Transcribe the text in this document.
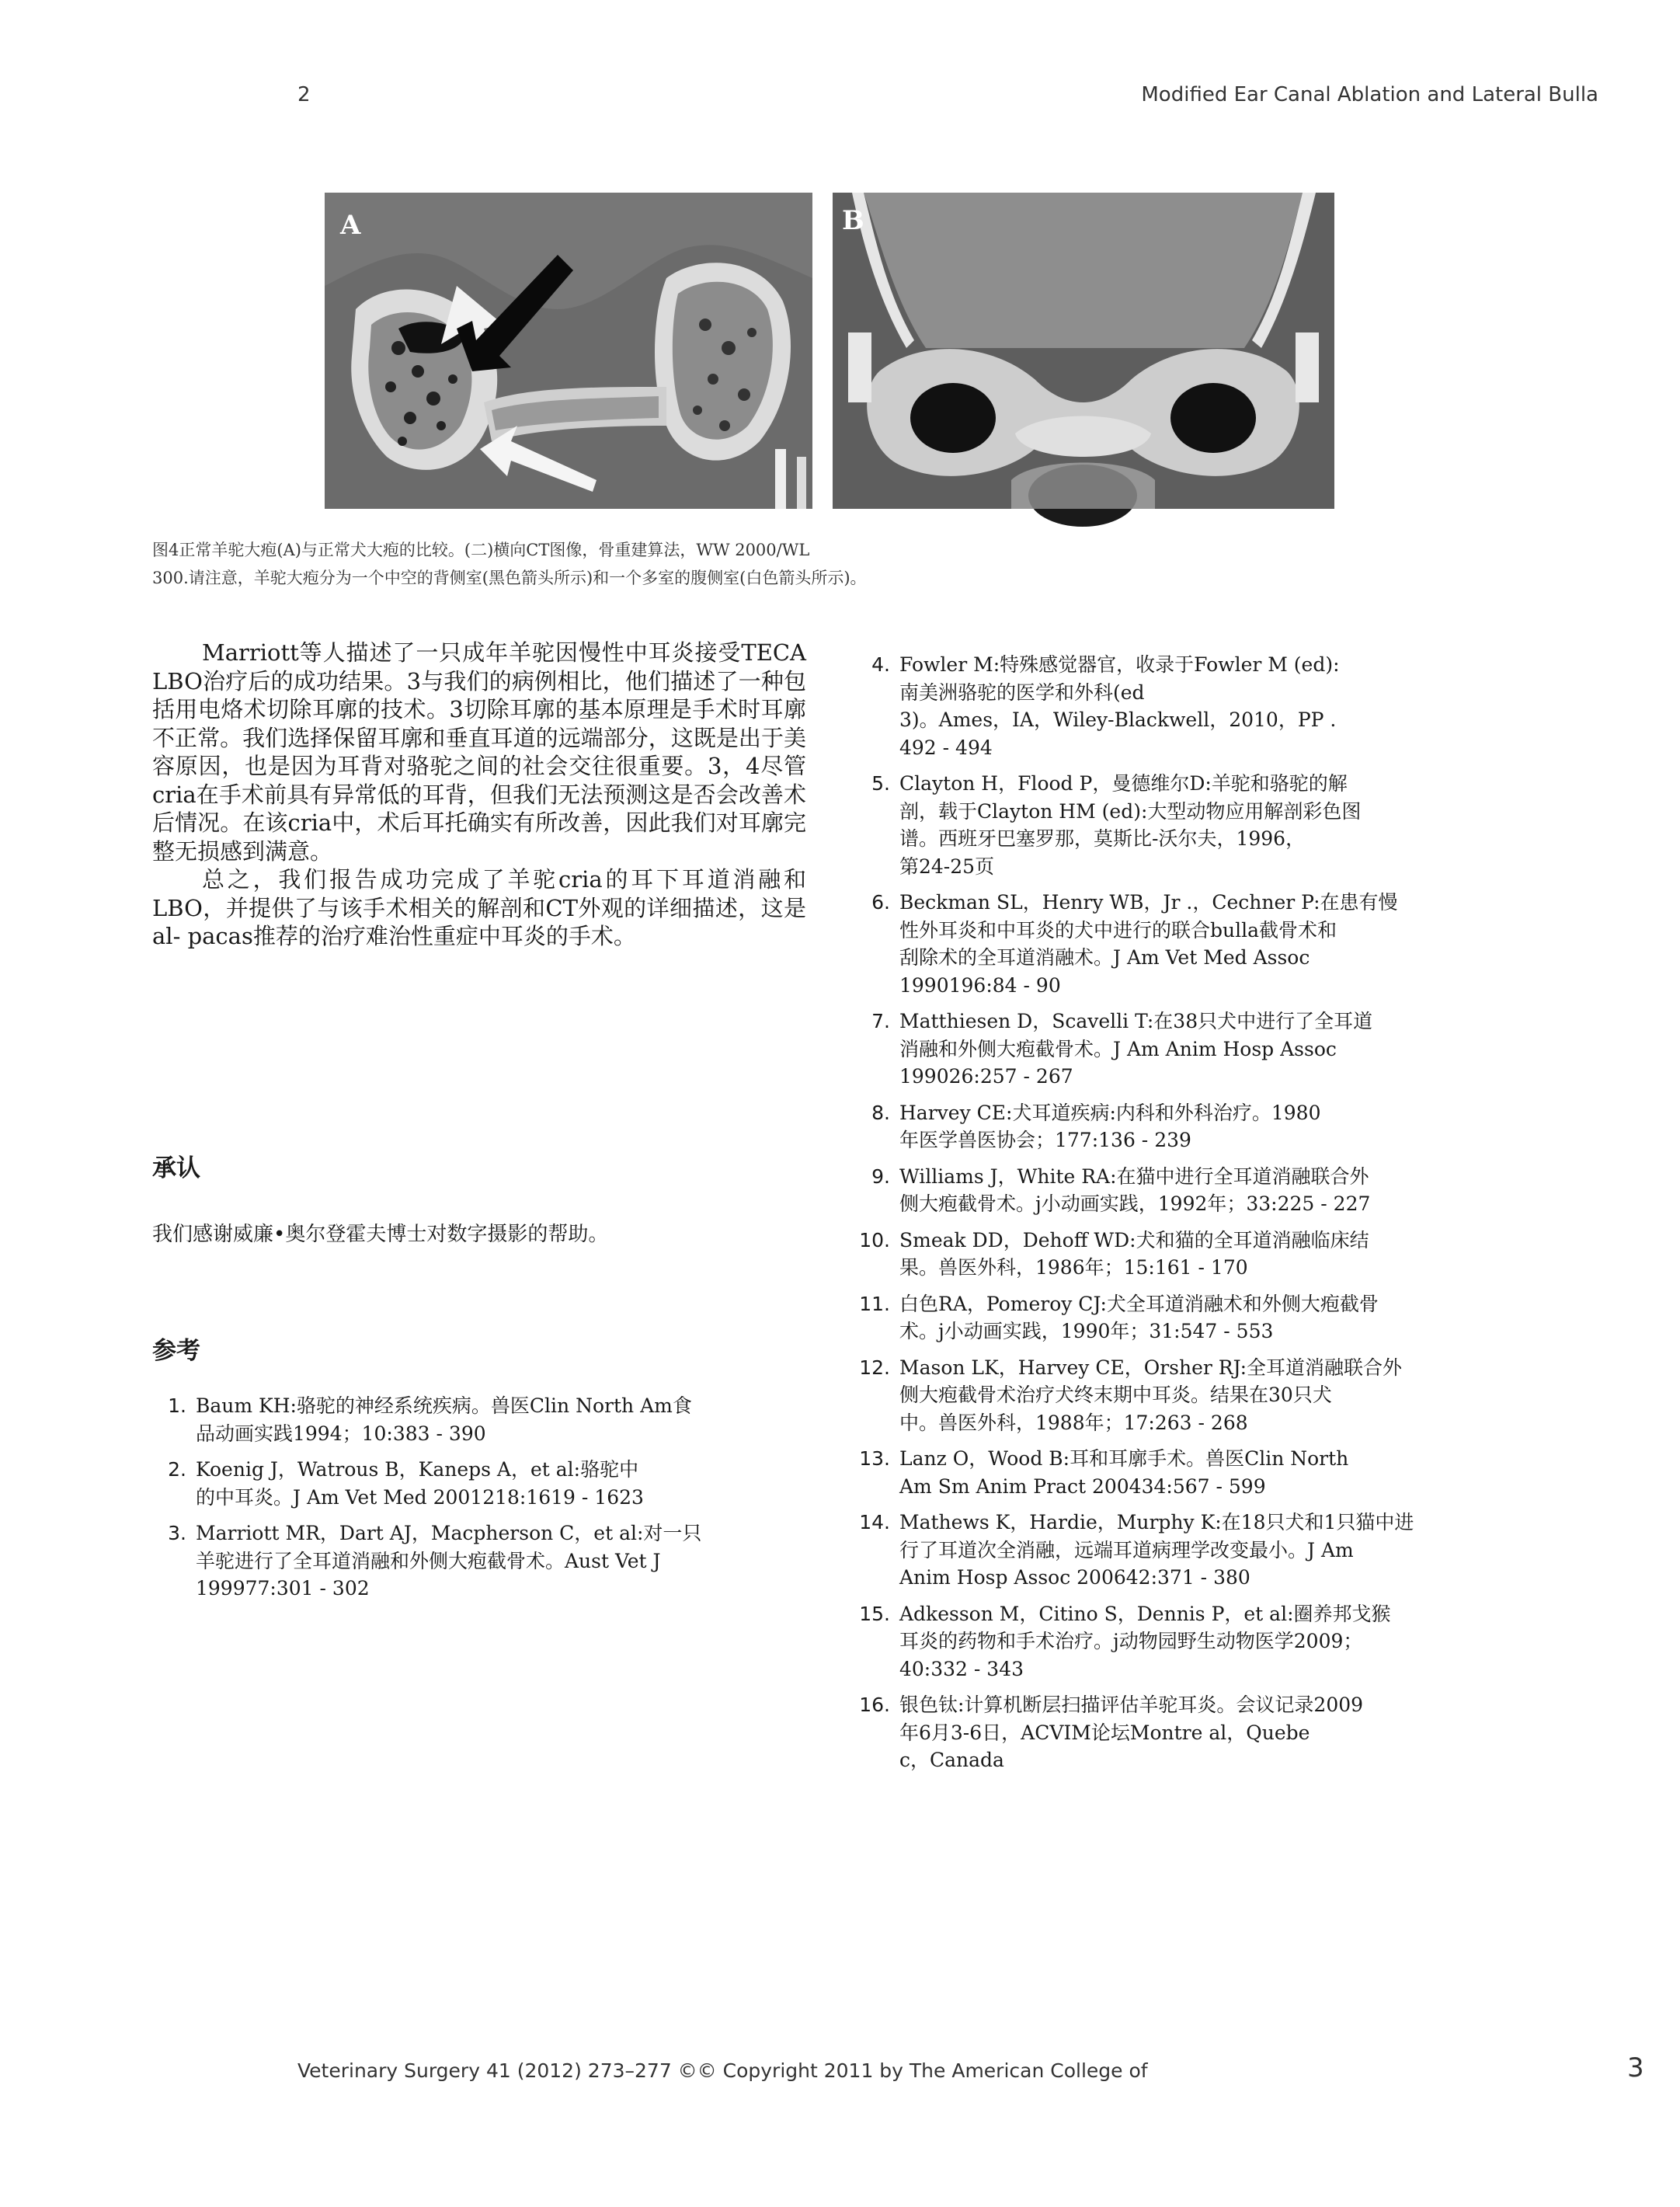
2	Modified Ear Canal Ablation and Lateral Bulla
A	B

图4正常羊驼大疱(A)与正常犬大疱的比较。(二)横向CT图像，骨重建算法，WW 2000/WL

300.请注意，羊驼大疱分为一个中空的背侧室(黑色箭头所示)和一个多室的腹侧室(白色箭头所示)。

Marriott等人描述了一只成年羊驼因慢性中耳炎接受TECA LBO治疗后的成功结果。3与我们的病例相比，他们描述了一种包括用电烙术切除耳廓的技术。3切除耳廓的基本原理是手术时耳廓不正常。我们选择保留耳廓和垂直耳道的远端部分，这既是出于美容原因，也是因为耳背对骆驼之间的社会交往很重要。3，4尽管cria在手术前具有异常低的耳背，但我们无法预测这是否会改善术后情况。在该cria中，术后耳托确实有所改善，因此我们对耳廓完整无损感到满意。

总之，我们报告成功完成了羊驼cria的耳下耳道消融和LBO，并提供了与该手术相关的解剖和CT外观的详细描述，这是al- pacas推荐的治疗难治性重症中耳炎的手术。

承认

我们感谢威廉•奥尔登霍夫博士对数字摄影的帮助。

参考
1. Baum KH:骆驼的神经系统疾病。兽医Clin North Am食
品动画实践1994；10:383 - 390
2. Koenig J，Watrous B，Kaneps A，et al:骆驼中
的中耳炎。J Am Vet Med 2001218:1619 - 1623
3. Marriott MR，Dart AJ，Macpherson C，et al:对一只
羊驼进行了全耳道消融和外侧大疱截骨术。Aust Vet J
199977:301 - 302
4. Fowler M:特殊感觉器官，收录于Fowler M (ed):
南美洲骆驼的医学和外科(ed
3)。Ames，IA，Wiley-Blackwell，2010，PP .
492 - 494
5. Clayton H，Flood P，曼德维尔D:羊驼和骆驼的解
剖，载于Clayton HM (ed):大型动物应用解剖彩色图
谱。西班牙巴塞罗那，莫斯比-沃尔夫，1996，
第24-25页
6. Beckman SL，Henry WB，Jr .，Cechner P:在患有慢
性外耳炎和中耳炎的犬中进行的联合bulla截骨术和
刮除术的全耳道消融术。J Am Vet Med Assoc
1990196:84 - 90
7. Matthiesen D，Scavelli T:在38只犬中进行了全耳道
消融和外侧大疱截骨术。J Am Anim Hosp Assoc
199026:257 - 267
8. Harvey CE:犬耳道疾病:内科和外科治疗。1980
年医学兽医协会；177:136 - 239
9. Williams J，White RA:在猫中进行全耳道消融联合外
侧大疱截骨术。j小动画实践，1992年；33:225 - 227
10. Smeak DD，Dehoff WD:犬和猫的全耳道消融临床结
果。兽医外科，1986年；15:161 - 170
11. 白色RA，Pomeroy CJ:犬全耳道消融术和外侧大疱截骨
术。j小动画实践，1990年；31:547 - 553
12. Mason LK，Harvey CE，Orsher RJ:全耳道消融联合外
侧大疱截骨术治疗犬终末期中耳炎。结果在30只犬
中。兽医外科，1988年；17:263 - 268
13. Lanz O，Wood B:耳和耳廓手术。兽医Clin North
Am Sm Anim Pract 200434:567 - 599
14. Mathews K，Hardie，Murphy K:在18只犬和1只猫中进
行了耳道次全消融，远端耳道病理学改变最小。J Am
Anim Hosp Assoc 200642:371 - 380
15. Adkesson M，Citino S，Dennis P，et al:圈养邦戈猴
耳炎的药物和手术治疗。j动物园野生动物医学2009；
40:332 - 343
16. 银色钛:计算机断层扫描评估羊驼耳炎。会议记录2009
年6月3-6日，ACVIM论坛Montre al，Quebe
c，Canada
Veterinary Surgery 41 (2012) 273–277 ©© Copyright 2011 by The American College of	3
